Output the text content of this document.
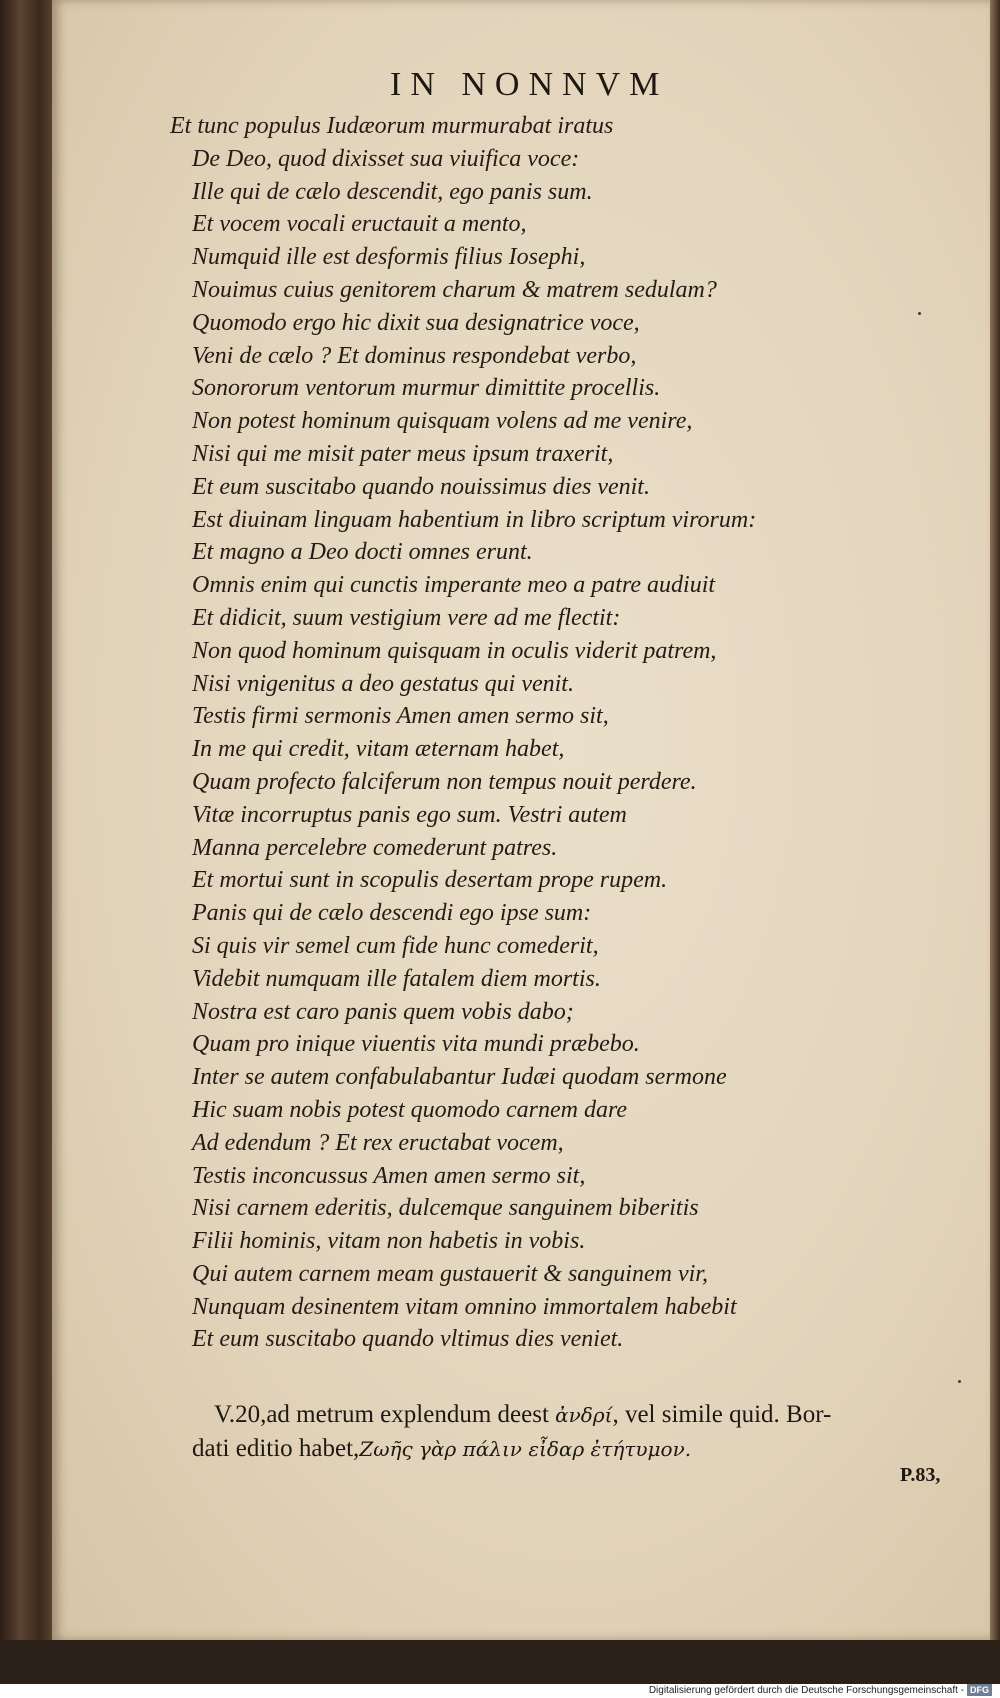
IN NONNVM
Et tunc populus Iudæorum murmurabat iratus
De Deo, quod dixisset sua viuifica voce:
Ille qui de cælo descendit, ego panis sum.
Et vocem vocali eructauit a mento,
Numquid ille est desformis filius Iosephi,
Nouimus cuius genitorem charum & matrem sedulam?
Quomodo ergo hic dixit sua designatrice voce,
Veni de cælo ? Et dominus respondebat verbo,
Sonororum ventorum murmur dimittite procellis.
Non potest hominum quisquam volens ad me venire,
Nisi qui me misit pater meus ipsum traxerit,
Et eum suscitabo quando nouissimus dies venit.
Est diuinam linguam habentium in libro scriptum virorum:
Et magno a Deo docti omnes erunt.
Omnis enim qui cunctis imperante meo a patre audiuit
Et didicit, suum vestigium vere ad me flectit:
Non quod hominum quisquam in oculis viderit patrem,
Nisi vnigenitus a deo gestatus qui venit.
Testis firmi sermonis Amen amen sermo sit,
In me qui credit, vitam æternam habet,
Quam profecto falciferum non tempus nouit perdere.
Vitæ incorruptus panis ego sum. Vestri autem
Manna percelebre comederunt patres.
Et mortui sunt in scopulis desertam prope rupem.
Panis qui de cælo descendi ego ipse sum:
Si quis vir semel cum fide hunc comederit,
Videbit numquam ille fatalem diem mortis.
Nostra est caro panis quem vobis dabo;
Quam pro inique viuentis vita mundi præbebo.
Inter se autem confabulabantur Iudæi quodam sermone
Hic suam nobis potest quomodo carnem dare
Ad edendum ? Et rex eructabat vocem,
Testis inconcussus Amen amen sermo sit,
Nisi carnem ederitis, dulcemque sanguinem biberitis
Filii hominis, vitam non habetis in vobis.
Qui autem carnem meam gustauerit & sanguinem vir,
Nunquam desinentem vitam omnino immortalem habebit
Et eum suscitabo quando vltimus dies veniet.

V.20,ad metrum explendum deest ἀνδρί, vel simile quid. Bor-

dati editio habet,Ζωῆς γὰρ πάλιν εἶδαρ ἐτήτυμον.

P.83,
Digitalisierung gefördert durch die Deutsche Forschungsgemeinschaft - DFG
